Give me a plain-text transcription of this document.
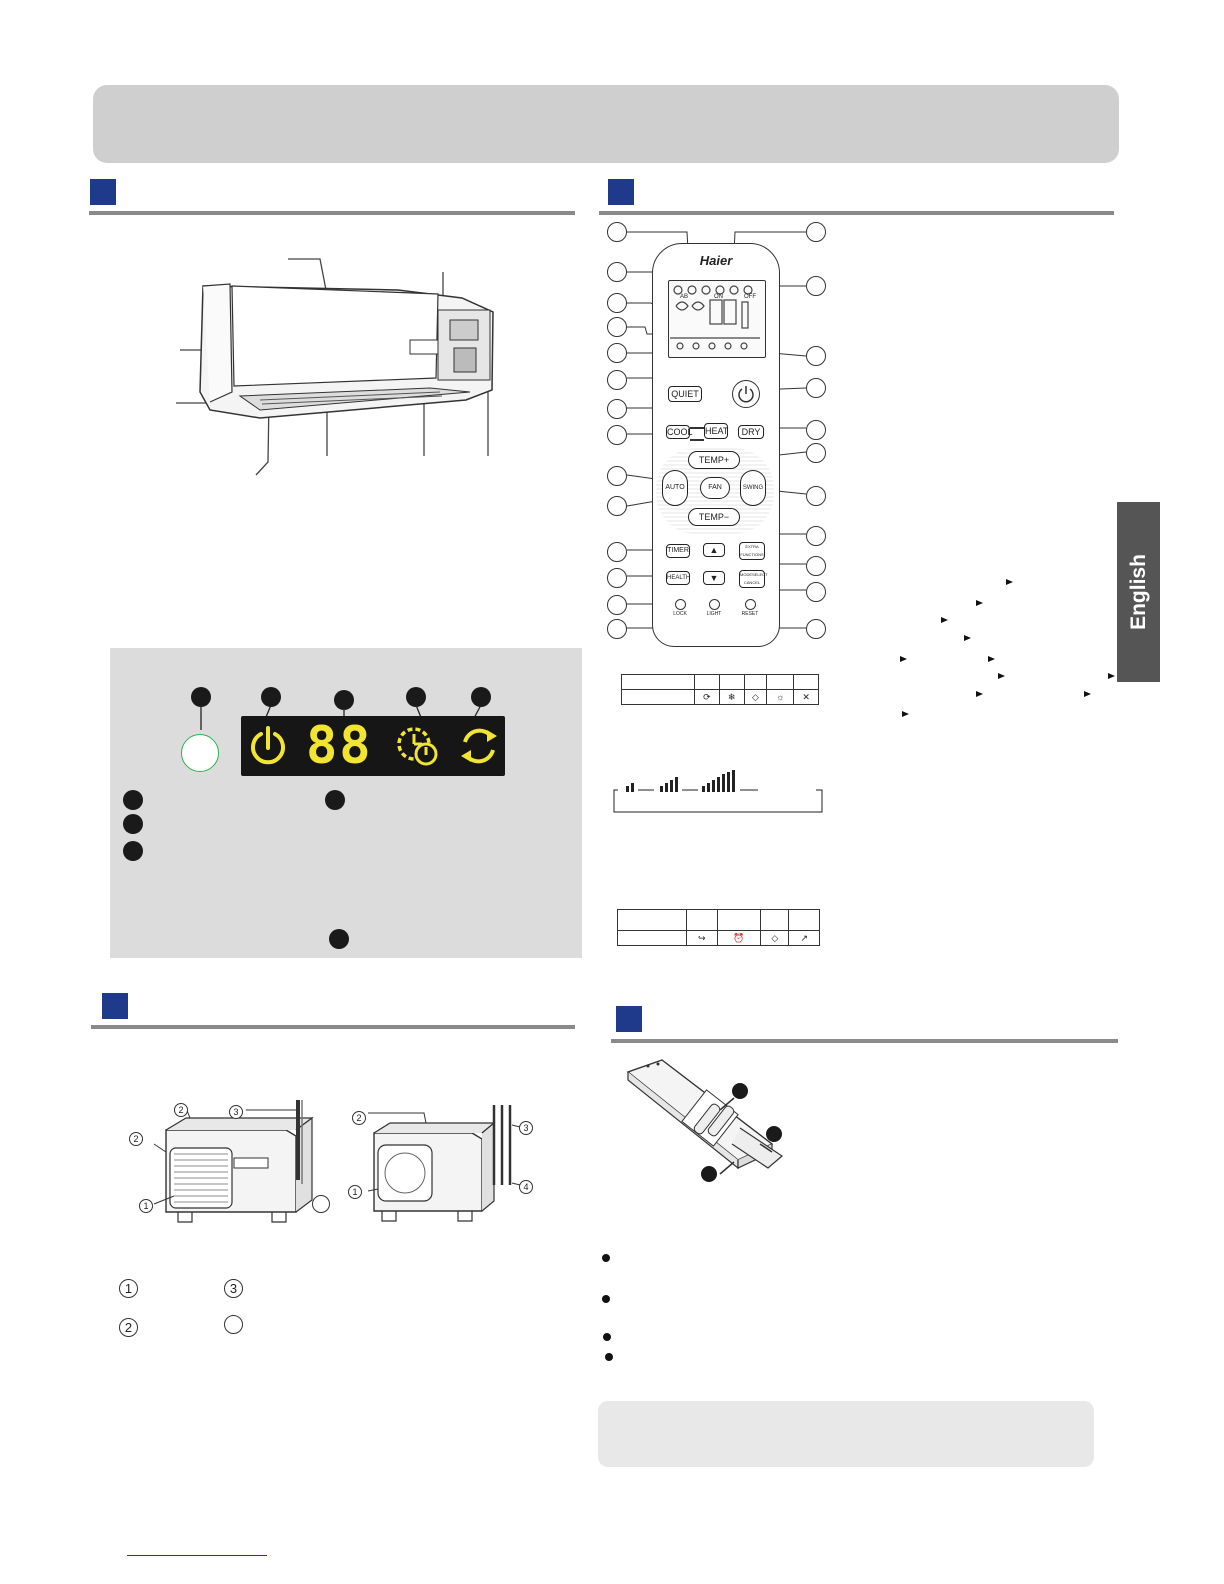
English
88
Haier
AB	ON	OFF
QUIET
COOL HEAT	DRY
TEMP+
AUTO	FAN	SWING
TEMP−
TIMER	▲	EXTRA FUNCTIONS
HEALTH	▼	MODESELECT CANCEL
LOCK	LIGHT	RESET

	⟳	❄	◇	☼	✕

	↪	⏰	◇	↗
2	3
2
1
2
3
1	4
1	3
2
